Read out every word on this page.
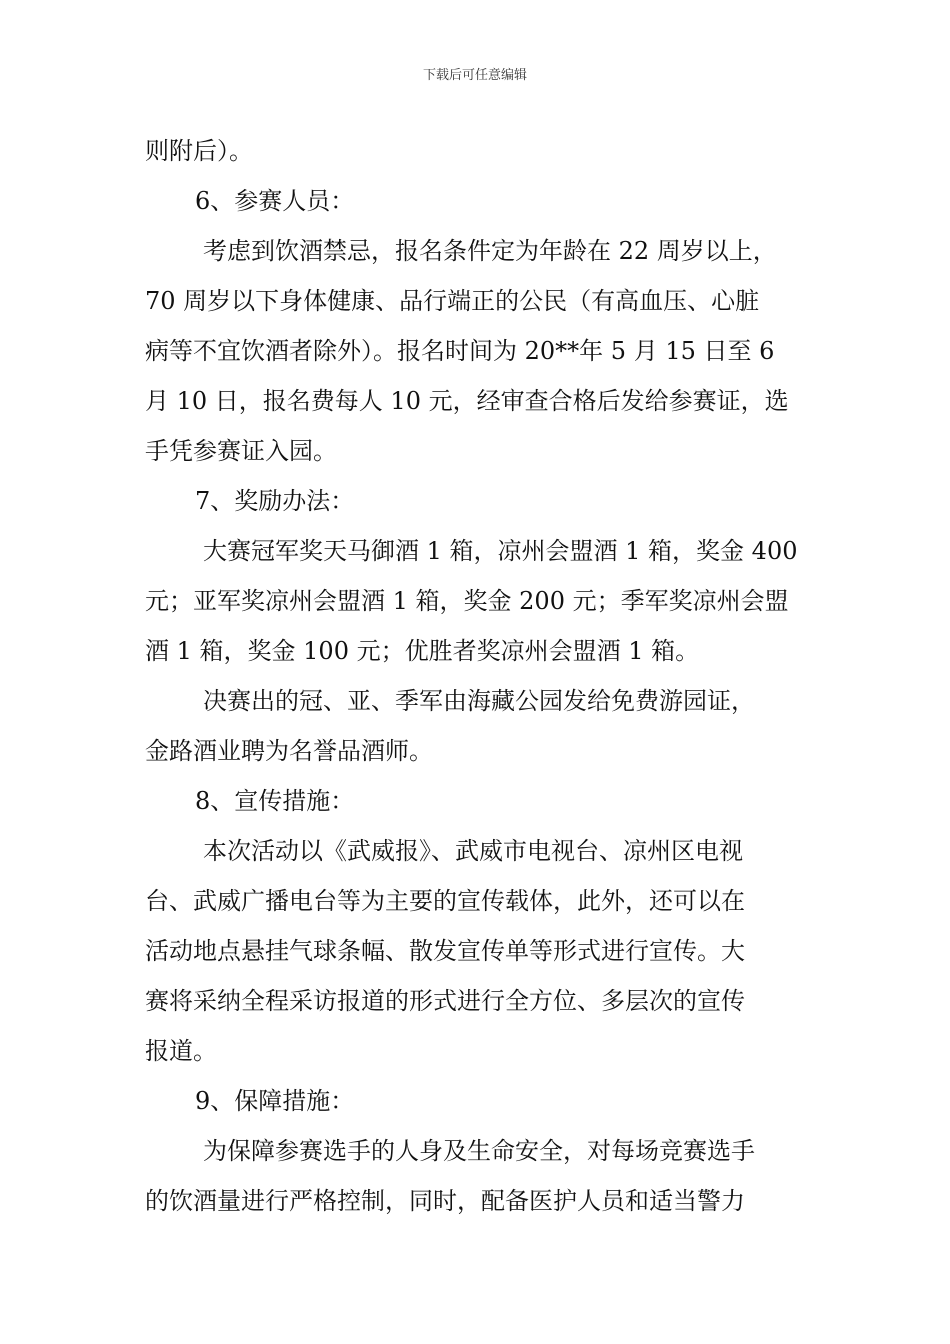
下载后可任意编辑
则附后）。
6、参赛人员：
考虑到饮酒禁忌，报名条件定为年龄在 22 周岁以上，
70 周岁以下身体健康、品行端正的公民（有高血压、心脏
病等不宜饮酒者除外）。报名时间为 20**年 5 月 15 日至 6
月 10 日，报名费每人 10 元，经审查合格后发给参赛证，选
手凭参赛证入园。
7、奖励办法：
大赛冠军奖天马御酒 1 箱，凉州会盟酒 1 箱，奖金 400
元；亚军奖凉州会盟酒 1 箱，奖金 200 元；季军奖凉州会盟
酒 1 箱，奖金 100 元；优胜者奖凉州会盟酒 1 箱。
决赛出的冠、亚、季军由海藏公园发给免费游园证，
金路酒业聘为名誉品酒师。
8、宣传措施：
本次活动以《武威报》、武威市电视台、凉州区电视
台、武威广播电台等为主要的宣传载体，此外，还可以在
活动地点悬挂气球条幅、散发宣传单等形式进行宣传。大
赛将采纳全程采访报道的形式进行全方位、多层次的宣传
报道。
9、保障措施：
为保障参赛选手的人身及生命安全，对每场竞赛选手
的饮酒量进行严格控制，同时，配备医护人员和适当警力
